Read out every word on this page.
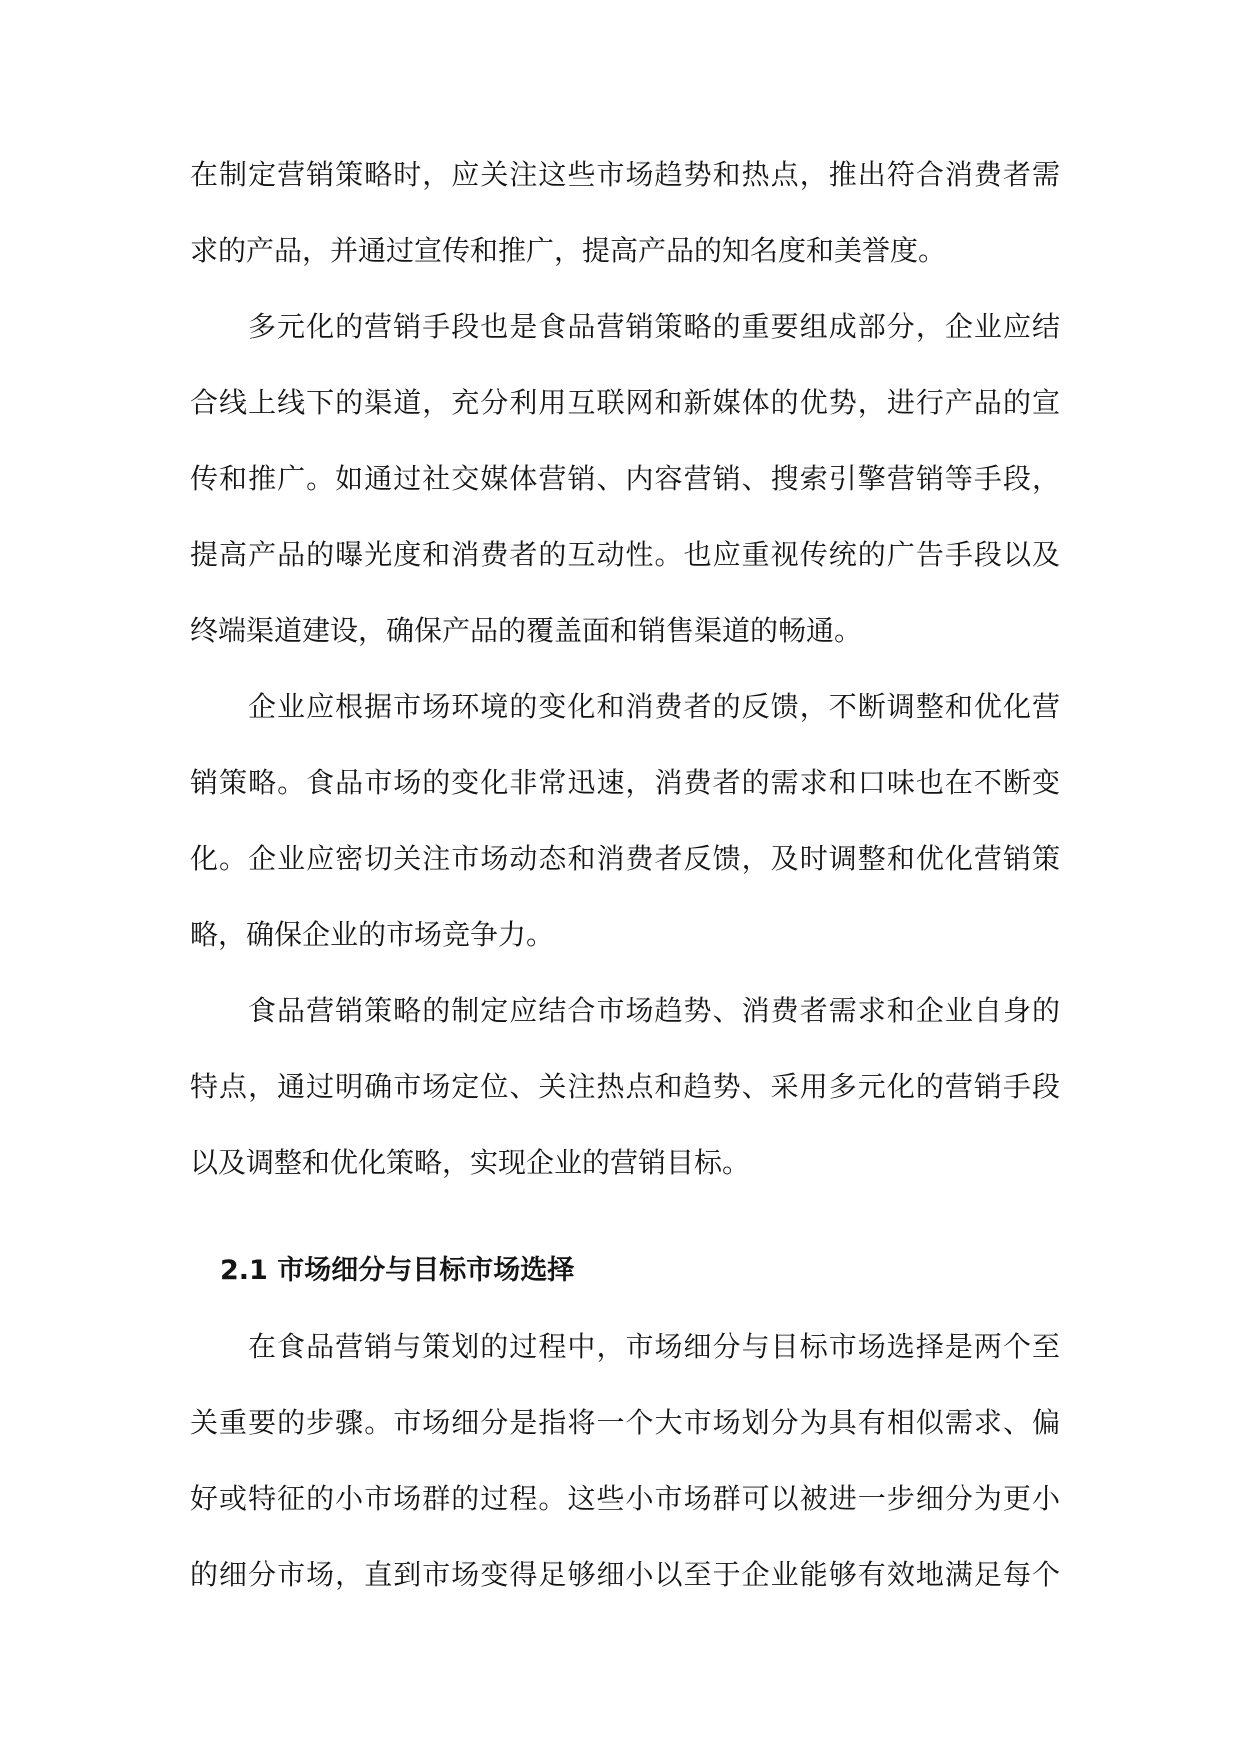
在制定营销策略时，应关注这些市场趋势和热点，推出符合消费者需
求的产品，并通过宣传和推广，提高产品的知名度和美誉度。
多元化的营销手段也是食品营销策略的重要组成部分，企业应结
合线上线下的渠道，充分利用互联网和新媒体的优势，进行产品的宣
传和推广。如通过社交媒体营销、内容营销、搜索引擎营销等手段，
提高产品的曝光度和消费者的互动性。也应重视传统的广告手段以及
终端渠道建设，确保产品的覆盖面和销售渠道的畅通。
企业应根据市场环境的变化和消费者的反馈，不断调整和优化营
销策略。食品市场的变化非常迅速，消费者的需求和口味也在不断变
化。企业应密切关注市场动态和消费者反馈，及时调整和优化营销策
略，确保企业的市场竞争力。
食品营销策略的制定应结合市场趋势、消费者需求和企业自身的
特点，通过明确市场定位、关注热点和趋势、采用多元化的营销手段
以及调整和优化策略，实现企业的营销目标。
2.1 市场细分与目标市场选择
在食品营销与策划的过程中，市场细分与目标市场选择是两个至
关重要的步骤。市场细分是指将一个大市场划分为具有相似需求、偏
好或特征的小市场群的过程。这些小市场群可以被进一步细分为更小
的细分市场，直到市场变得足够细小以至于企业能够有效地满足每个
